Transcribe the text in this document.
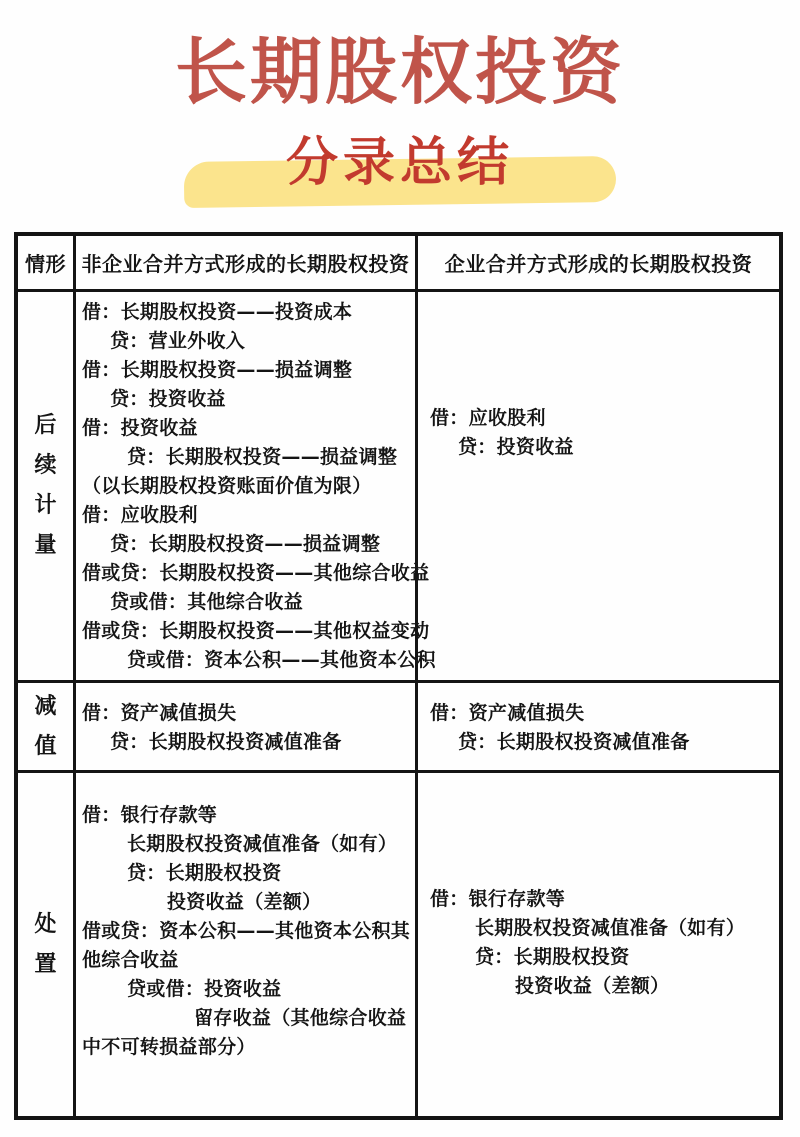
长期股权投资
分录总结
情形 非企业合并方式形成的长期股权投资	企业合并方式形成的长期股权投资
后续计量
借：长期股权投资——投资成本
贷：营业外收入
借：长期股权投资——损益调整
贷：投资收益
借：投资收益
贷：长期股权投资——损益调整
（以长期股权投资账面价值为限）
借：应收股利
贷：长期股权投资——损益调整
借或贷：长期股权投资——其他综合收益
贷或借：其他综合收益
借或贷：长期股权投资——其他权益变动
贷或借：资本公积——其他资本公积
借：应收股利
贷：投资收益
减值
借：资产减值损失
贷：长期股权投资减值准备
借：资产减值损失
贷：长期股权投资减值准备
处置
借：银行存款等
长期股权投资减值准备（如有）
贷：长期股权投资
投资收益（差额）
借或贷：资本公积——其他资本公积其
他综合收益
贷或借：投资收益
留存收益（其他综合收益
中不可转损益部分）
借：银行存款等
长期股权投资减值准备（如有）
贷：长期股权投资
投资收益（差额）
